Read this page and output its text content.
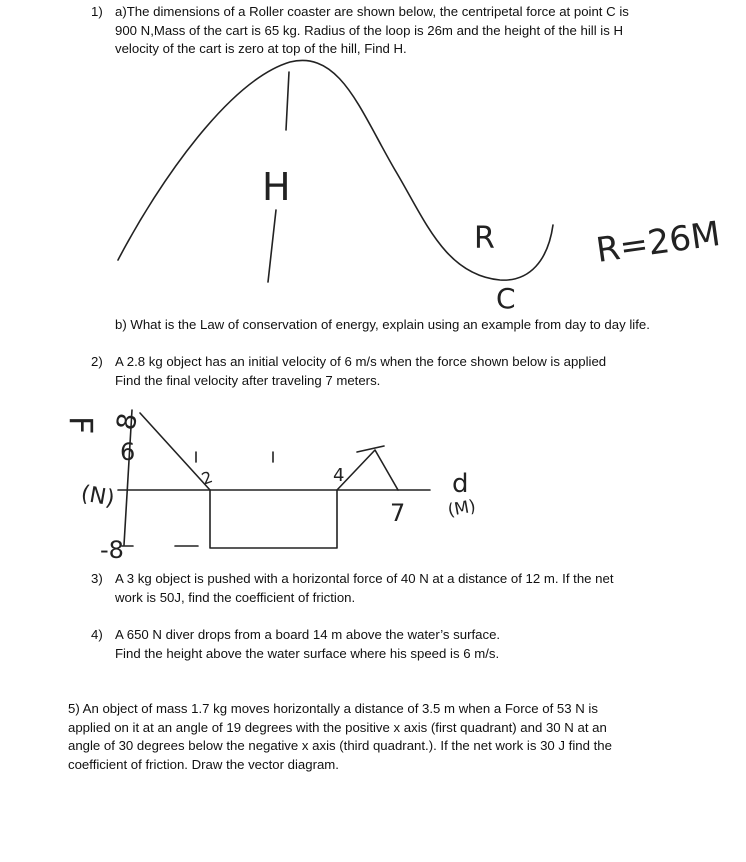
1) a)The dimensions of a Roller coaster are shown below, the centripetal force at point C is
900 N,Mass of the cart is 65 kg. Radius of the loop is 26m and the height of the hill is H
velocity of the cart is zero at top of the hill, Find H.
H
R	R=26M
C
b) What is the Law of conservation of energy, explain using an example from day to day life.
2) A 2.8 kg object has an initial velocity of 6 m/s when the force shown below is applied
Find the final velocity after traveling 7 meters.
F
(N)
8
6
-8
2	4
7
d
(M)
3) A 3 kg object is pushed with a horizontal force of 40 N at a distance of 12 m. If the net
work is 50J, find the coefficient of friction.
4) A 650 N diver drops from a board 14 m above the water’s surface.
Find the height above the water surface where his speed is 6 m/s.
5) An object of mass 1.7 kg moves horizontally a distance of 3.5 m when a Force of 53 N is
applied on it at an angle of 19 degrees with the positive x axis (first quadrant) and 30 N at an
angle of 30 degrees below the negative x axis (third quadrant.). If the net work is 30 J find the
coefficient of friction. Draw the vector diagram.
